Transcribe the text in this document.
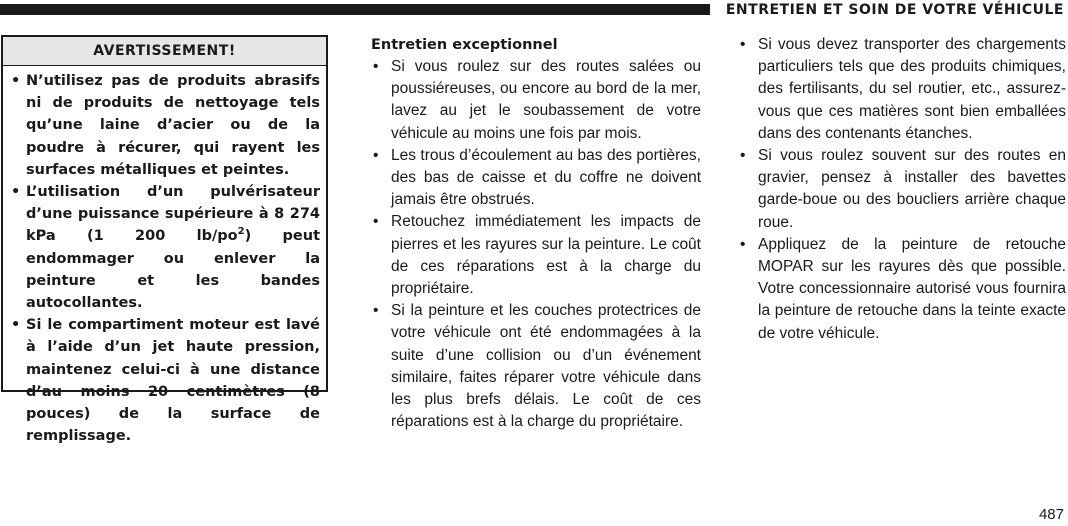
ENTRETIEN ET SOIN DE VOTRE VÉHICULE
AVERTISSEMENT!
• N’utilisez pas de produits abrasifs ni de produits de nettoyage tels qu’une laine d’acier ou de la poudre à récurer, qui rayent les surfaces métalliques et peintes.
• L’utilisation d’un pulvérisateur d’une puissance supérieure à 8 274 kPa (1 200 $lb/po^2$) peut endommager ou enlever la peinture et les bandes autocollantes.
• Si le compartiment moteur est lavé à l’aide d’un jet haute pression, maintenez celui-ci à une distance d’au moins 20 centimètres (8 pouces) de la surface de remplissage.
Entretien exceptionnel
• Si vous roulez sur des routes salées ou poussiéreuses, ou encore au bord de la mer, lavez au jet le soubassement de votre véhicule au moins une fois par mois.
• Les trous d’écoulement au bas des portières, des bas de caisse et du coffre ne doivent jamais être obstrués.
• Retouchez immédiatement les impacts de pierres et les rayures sur la peinture. Le coût de ces réparations est à la charge du propriétaire.
• Si la peinture et les couches protectrices de votre véhicule ont été endommagées à la suite d’une collision ou d’un événement similaire, faites réparer votre véhicule dans les plus brefs délais. Le coût de ces réparations est à la charge du propriétaire.
• Si vous devez transporter des chargements particuliers tels que des produits chimiques, des fertilisants, du sel routier, etc., assurez-vous que ces matières sont bien emballées dans des contenants étanches.
• Si vous roulez souvent sur des routes en gravier, pensez à installer des bavettes garde-boue ou des boucliers arrière chaque roue.
• Appliquez de la peinture de retouche MOPAR sur les rayures dès que possible. Votre concessionnaire autorisé vous fournira la peinture de retouche dans la teinte exacte de votre véhicule.
487
